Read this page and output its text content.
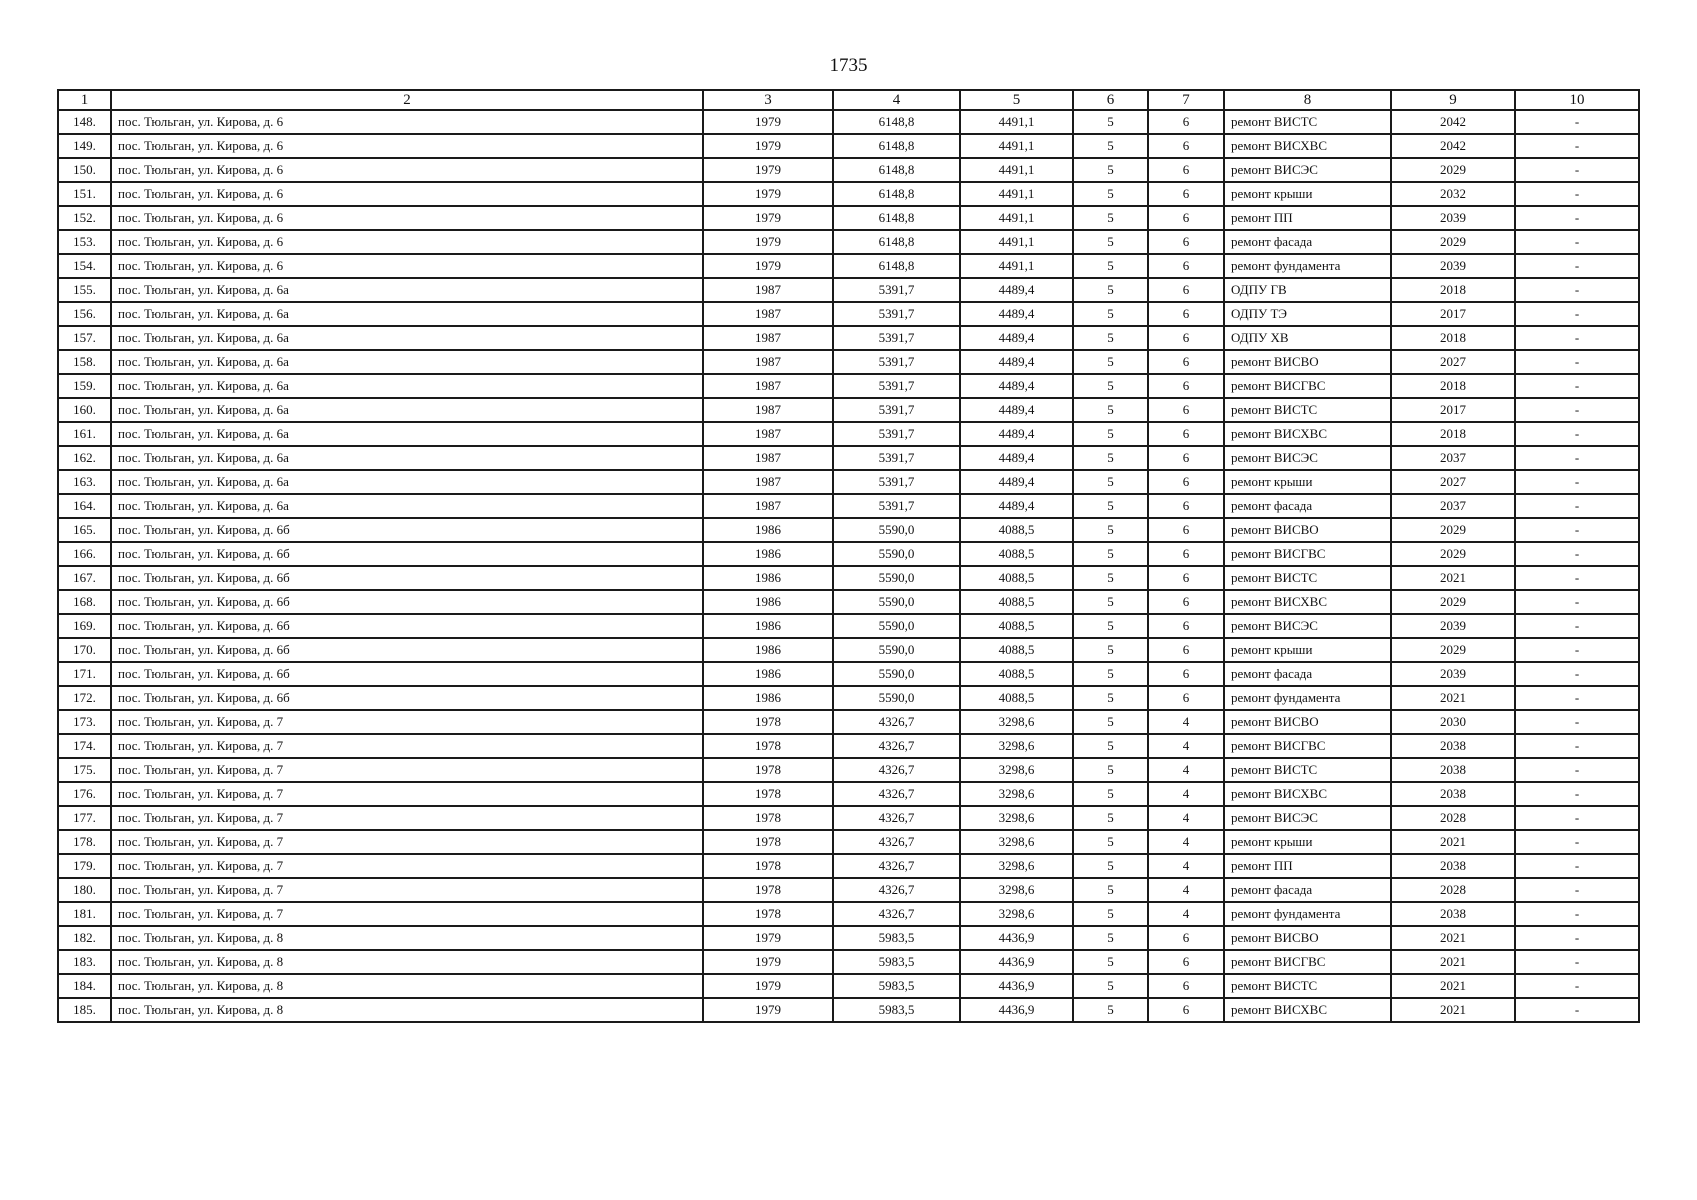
1735
1	2	3	4	5	6	7	8	9	10
148.	пос. Тюльган, ул. Кирова, д. 6	1979	6148,8	4491,1	5	6	ремонт ВИСТС	2042	-
149.	пос. Тюльган, ул. Кирова, д. 6	1979	6148,8	4491,1	5	6	ремонт ВИСХВС	2042	-
150.	пос. Тюльган, ул. Кирова, д. 6	1979	6148,8	4491,1	5	6	ремонт ВИСЭС	2029	-
151.	пос. Тюльган, ул. Кирова, д. 6	1979	6148,8	4491,1	5	6	ремонт крыши	2032	-
152.	пос. Тюльган, ул. Кирова, д. 6	1979	6148,8	4491,1	5	6	ремонт ПП	2039	-
153.	пос. Тюльган, ул. Кирова, д. 6	1979	6148,8	4491,1	5	6	ремонт фасада	2029	-
154.	пос. Тюльган, ул. Кирова, д. 6	1979	6148,8	4491,1	5	6	ремонт фундамента	2039	-
155.	пос. Тюльган, ул. Кирова, д. 6а	1987	5391,7	4489,4	5	6	ОДПУ ГВ	2018	-
156.	пос. Тюльган, ул. Кирова, д. 6а	1987	5391,7	4489,4	5	6	ОДПУ ТЭ	2017	-
157.	пос. Тюльган, ул. Кирова, д. 6а	1987	5391,7	4489,4	5	6	ОДПУ ХВ	2018	-
158.	пос. Тюльган, ул. Кирова, д. 6а	1987	5391,7	4489,4	5	6	ремонт ВИСВО	2027	-
159.	пос. Тюльган, ул. Кирова, д. 6а	1987	5391,7	4489,4	5	6	ремонт ВИСГВС	2018	-
160.	пос. Тюльган, ул. Кирова, д. 6а	1987	5391,7	4489,4	5	6	ремонт ВИСТС	2017	-
161.	пос. Тюльган, ул. Кирова, д. 6а	1987	5391,7	4489,4	5	6	ремонт ВИСХВС	2018	-
162.	пос. Тюльган, ул. Кирова, д. 6а	1987	5391,7	4489,4	5	6	ремонт ВИСЭС	2037	-
163.	пос. Тюльган, ул. Кирова, д. 6а	1987	5391,7	4489,4	5	6	ремонт крыши	2027	-
164.	пос. Тюльган, ул. Кирова, д. 6а	1987	5391,7	4489,4	5	6	ремонт фасада	2037	-
165.	пос. Тюльган, ул. Кирова, д. 6б	1986	5590,0	4088,5	5	6	ремонт ВИСВО	2029	-
166.	пос. Тюльган, ул. Кирова, д. 6б	1986	5590,0	4088,5	5	6	ремонт ВИСГВС	2029	-
167.	пос. Тюльган, ул. Кирова, д. 6б	1986	5590,0	4088,5	5	6	ремонт ВИСТС	2021	-
168.	пос. Тюльган, ул. Кирова, д. 6б	1986	5590,0	4088,5	5	6	ремонт ВИСХВС	2029	-
169.	пос. Тюльган, ул. Кирова, д. 6б	1986	5590,0	4088,5	5	6	ремонт ВИСЭС	2039	-
170.	пос. Тюльган, ул. Кирова, д. 6б	1986	5590,0	4088,5	5	6	ремонт крыши	2029	-
171.	пос. Тюльган, ул. Кирова, д. 6б	1986	5590,0	4088,5	5	6	ремонт фасада	2039	-
172.	пос. Тюльган, ул. Кирова, д. 6б	1986	5590,0	4088,5	5	6	ремонт фундамента	2021	-
173.	пос. Тюльган, ул. Кирова, д. 7	1978	4326,7	3298,6	5	4	ремонт ВИСВО	2030	-
174.	пос. Тюльган, ул. Кирова, д. 7	1978	4326,7	3298,6	5	4	ремонт ВИСГВС	2038	-
175.	пос. Тюльган, ул. Кирова, д. 7	1978	4326,7	3298,6	5	4	ремонт ВИСТС	2038	-
176.	пос. Тюльган, ул. Кирова, д. 7	1978	4326,7	3298,6	5	4	ремонт ВИСХВС	2038	-
177.	пос. Тюльган, ул. Кирова, д. 7	1978	4326,7	3298,6	5	4	ремонт ВИСЭС	2028	-
178.	пос. Тюльган, ул. Кирова, д. 7	1978	4326,7	3298,6	5	4	ремонт крыши	2021	-
179.	пос. Тюльган, ул. Кирова, д. 7	1978	4326,7	3298,6	5	4	ремонт ПП	2038	-
180.	пос. Тюльган, ул. Кирова, д. 7	1978	4326,7	3298,6	5	4	ремонт фасада	2028	-
181.	пос. Тюльган, ул. Кирова, д. 7	1978	4326,7	3298,6	5	4	ремонт фундамента	2038	-
182.	пос. Тюльган, ул. Кирова, д. 8	1979	5983,5	4436,9	5	6	ремонт ВИСВО	2021	-
183.	пос. Тюльган, ул. Кирова, д. 8	1979	5983,5	4436,9	5	6	ремонт ВИСГВС	2021	-
184.	пос. Тюльган, ул. Кирова, д. 8	1979	5983,5	4436,9	5	6	ремонт ВИСТС	2021	-
185.	пос. Тюльган, ул. Кирова, д. 8	1979	5983,5	4436,9	5	6	ремонт ВИСХВС	2021	-
